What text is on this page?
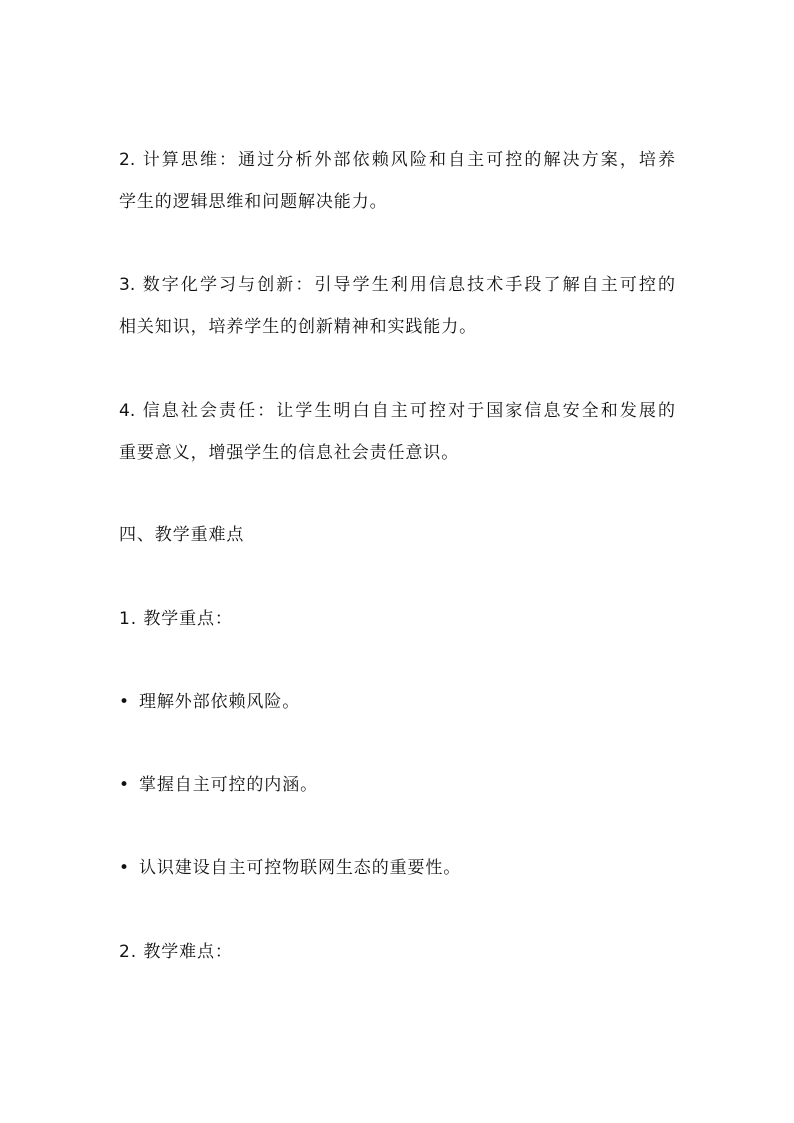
2. 计算思维：通过分析外部依赖风险和自主可控的解决方案，培养
学生的逻辑思维和问题解决能力。
3. 数字化学习与创新：引导学生利用信息技术手段了解自主可控的
相关知识，培养学生的创新精神和实践能力。
4. 信息社会责任：让学生明白自主可控对于国家信息安全和发展的
重要意义，增强学生的信息社会责任意识。
四、教学重难点
1. 教学重点：
• 理解外部依赖风险。
• 掌握自主可控的内涵。
• 认识建设自主可控物联网生态的重要性。
2. 教学难点：
